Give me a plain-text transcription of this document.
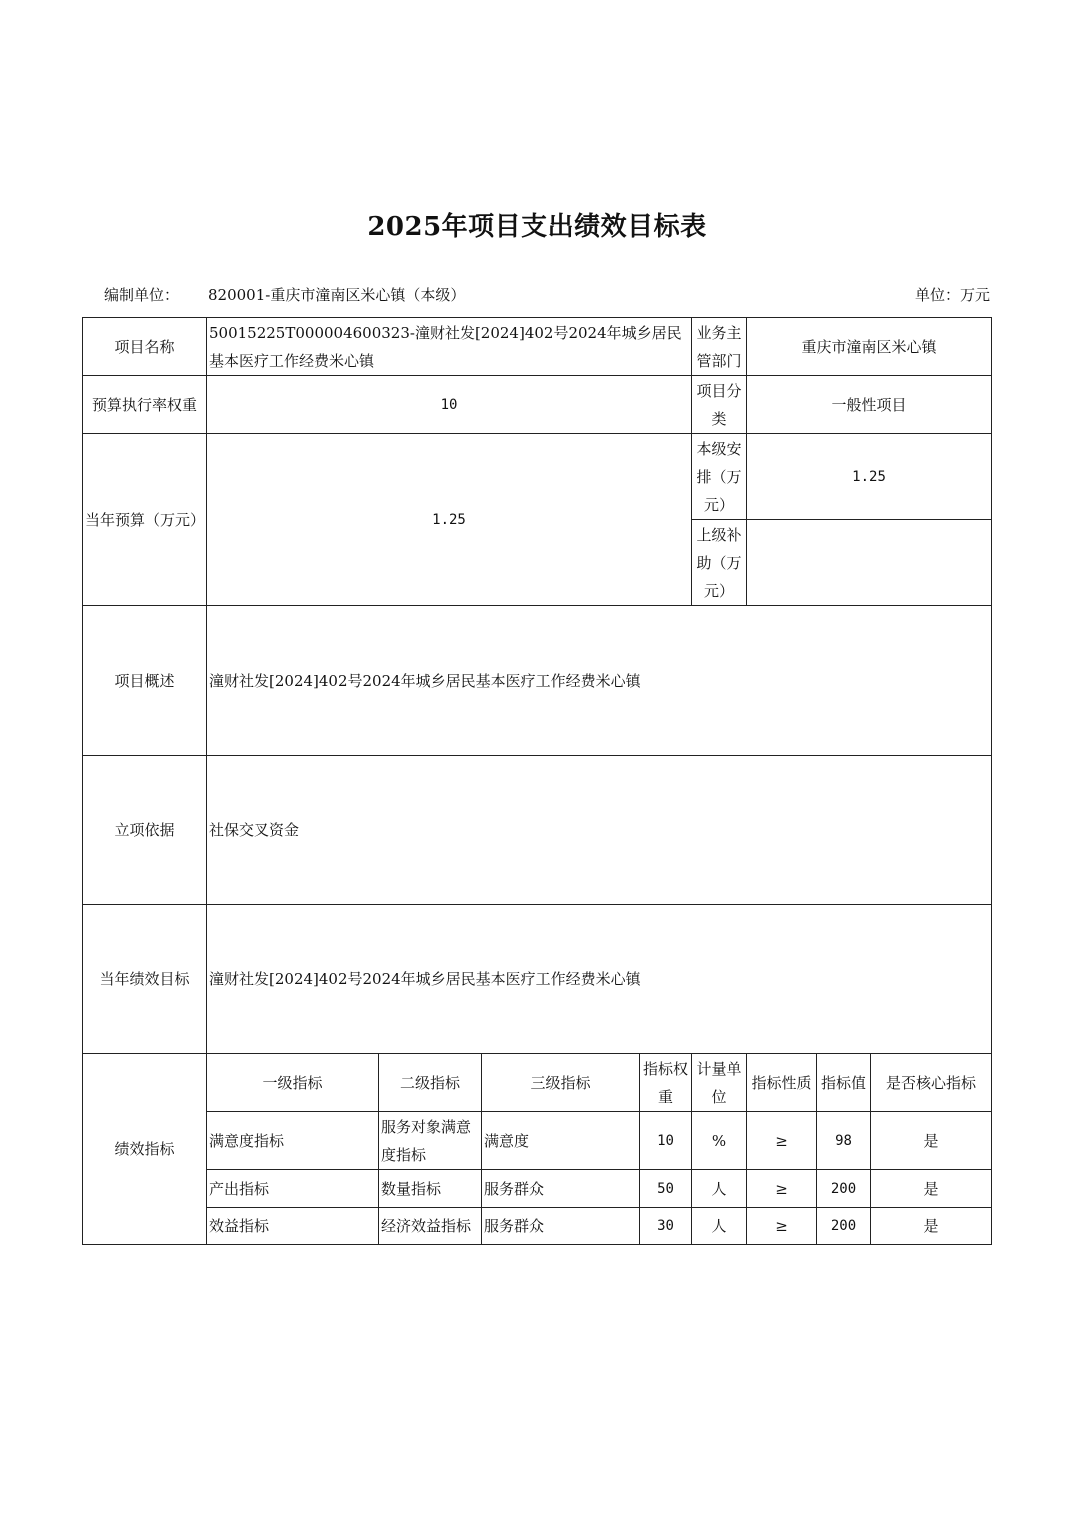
2025年项目支出绩效目标表
编制单位： 820001-重庆市潼南区米心镇（本级）	单位：万元
项目名称	50015225T000004600323-潼财社发[2024]402号2024年城乡居民基本医疗工作经费米心镇				业务主管部门	重庆市潼南区米心镇		
预算执行率权重	10				项目分类	一般性项目		
当年预算（万元）	1.25				本级安排（万元）	1.25		
					上级补助（万元）			
项目概述	潼财社发[2024]402号2024年城乡居民基本医疗工作经费米心镇							
立项依据	社保交叉资金							
当年绩效目标	潼财社发[2024]402号2024年城乡居民基本医疗工作经费米心镇							
绩效指标	一级指标	二级指标	三级指标	指标权重	计量单位	指标性质	指标值	是否核心指标
	满意度指标	服务对象满意度指标	满意度	10	%	≥	98	是
	产出指标	数量指标	服务群众	50	人	≥	200	是
	效益指标	经济效益指标	服务群众	30	人	≥	200	是
